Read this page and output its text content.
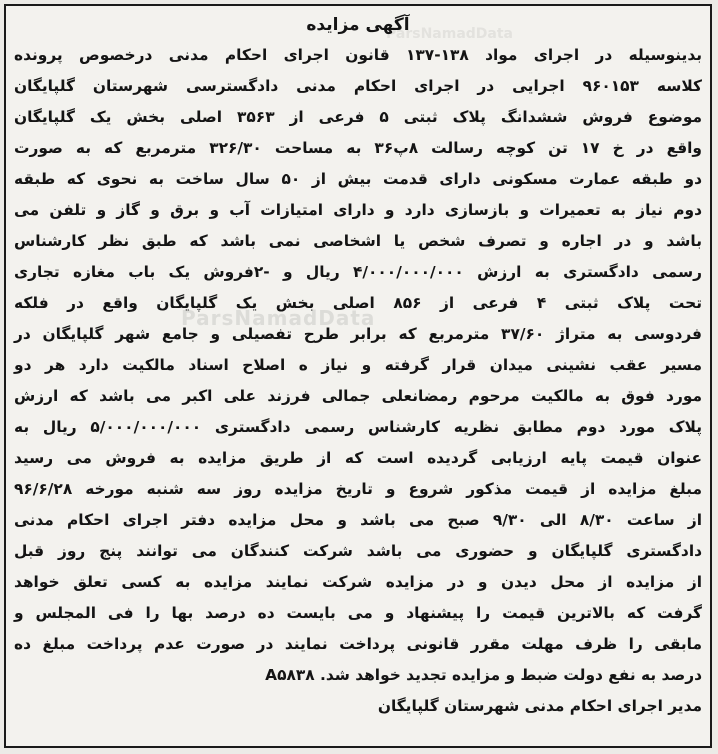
ParsNamadData
ParsNamadData
آگهی مزایده
بدینوسیله در اجرای مواد ۱۳۸-۱۳۷ قانون اجرای احکام مدنی درخصوص پرونده
کلاسه ۹۶۰۱۵۳ اجرایی در اجرای احکام مدنی دادگسترسی شهرستان گلپایگان
موضوع فروش ششدانگ پلاک ثبتی ۵ فرعی از ۳۵۶۳ اصلی بخش یک گلپایگان
واقع در خ ۱۷ تن کوچه رسالت ۸پ۳۶ به مساحت ۳۲۶/۳۰ مترمربع که به صورت
دو طبقه عمارت مسکونی دارای قدمت بیش از ۵۰ سال ساخت به نحوی که طبقه
دوم نیاز به تعمیرات و بازسازی دارد و دارای امتیازات آب و برق و گاز و تلفن می
باشد و در اجاره و تصرف شخص یا اشخاصی نمی باشد که طبق نظر کارشناس
رسمی دادگستری به ارزش ۴/۰۰۰/۰۰۰/۰۰۰ ریال و -۲فروش یک باب مغازه تجاری
تحت پلاک ثبتی ۴ فرعی از ۸۵۶ اصلی بخش یک گلپایگان واقع در فلکه
فردوسی به متراژ ۳۷/۶۰ مترمربع که برابر طرح تفصیلی و جامع شهر گلپایگان در
مسیر عقب نشینی میدان قرار گرفته و نیاز ه اصلاح اسناد مالکیت دارد هر دو
مورد فوق به مالکیت مرحوم رمضانعلی جمالی فرزند علی اکبر می باشد که ارزش
پلاک مورد دوم مطابق نظریه کارشناس رسمی دادگستری ۵/۰۰۰/۰۰۰/۰۰۰ ریال به
عنوان قیمت پایه ارزیابی گردیده است که از طریق مزایده به فروش می رسید
مبلغ مزایده از قیمت مذکور شروع و تاریخ مزایده روز سه شنبه مورخه ۹۶/۶/۲۸
از ساعت ۸/۳۰ الی ۹/۳۰ صبح می باشد و محل مزایده دفتر اجرای احکام مدنی
دادگستری گلپایگان و حضوری می باشد شرکت کنندگان می توانند پنج روز قبل
از مزایده از محل دیدن و در مزایده شرکت نمایند مزایده به کسی تعلق خواهد
گرفت که بالاترین قیمت را پیشنهاد و می بایست ده درصد بها را فی المجلس و
مابقی را ظرف مهلت مقرر قانونی پرداخت نمایند در صورت عدم پرداخت مبلغ ده
درصد به نفع دولت ضبط و مزایده تجدید خواهد شد. A۵۸۳۸
مدیر اجرای احکام مدنی شهرستان گلپایگان
